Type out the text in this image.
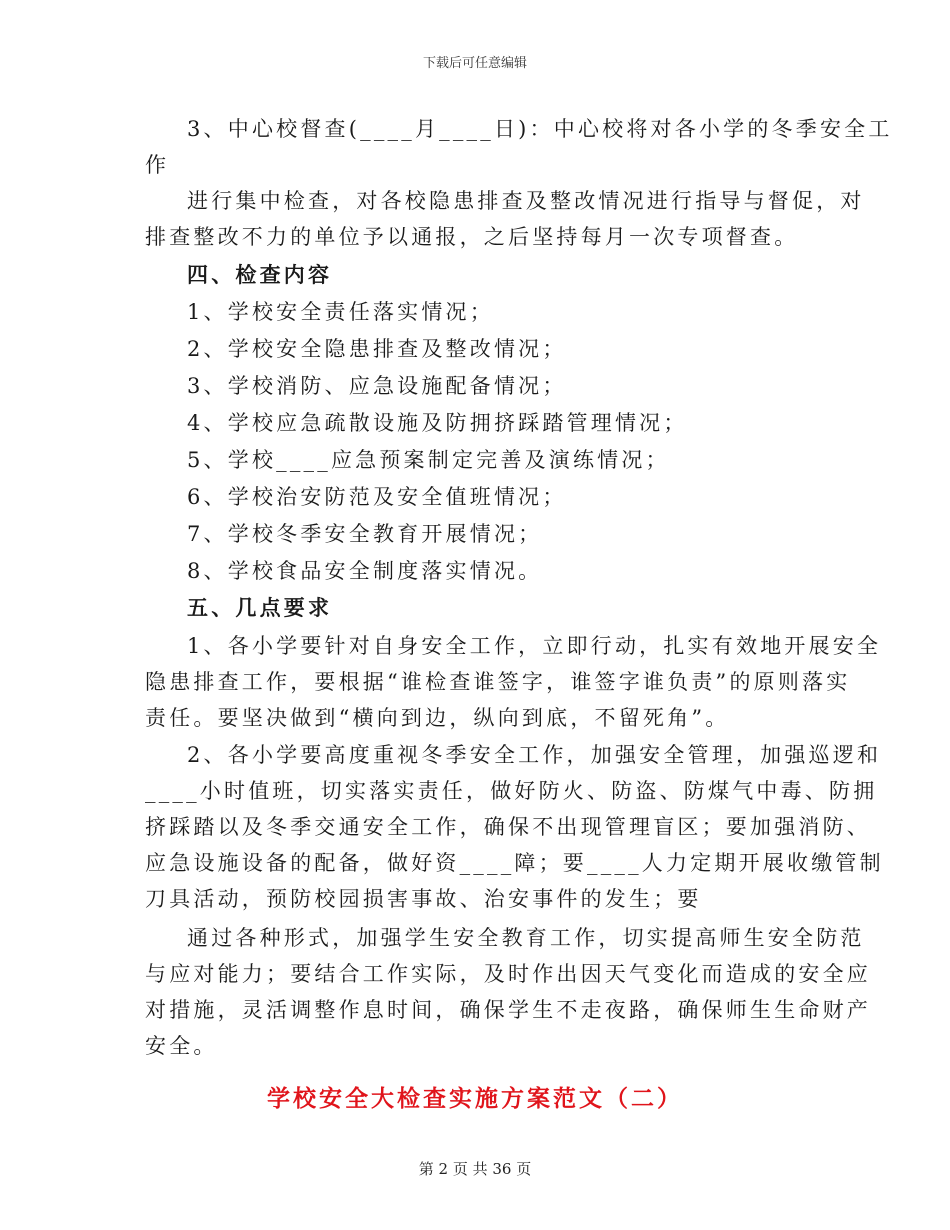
下载后可任意编辑
3、中心校督查(____月____日)：中心校将对各小学的冬季安全工
作
进行集中检查，对各校隐患排查及整改情况进行指导与督促，对
排查整改不力的单位予以通报，之后坚持每月一次专项督查。
四、检查内容
1、学校安全责任落实情况；
2、学校安全隐患排查及整改情况；
3、学校消防、应急设施配备情况；
4、学校应急疏散设施及防拥挤踩踏管理情况；
5、学校____应急预案制定完善及演练情况；
6、学校治安防范及安全值班情况；
7、学校冬季安全教育开展情况；
8、学校食品安全制度落实情况。
五、几点要求
1、各小学要针对自身安全工作，立即行动，扎实有效地开展安全
隐患排查工作，要根据“谁检查谁签字，谁签字谁负责”的原则落实
责任。要坚决做到“横向到边，纵向到底，不留死角”。
2、各小学要高度重视冬季安全工作，加强安全管理，加强巡逻和
____小时值班，切实落实责任，做好防火、防盗、防煤气中毒、防拥
挤踩踏以及冬季交通安全工作，确保不出现管理盲区；要加强消防、
应急设施设备的配备，做好资____障；要____人力定期开展收缴管制
刀具活动，预防校园损害事故、治安事件的发生；要
通过各种形式，加强学生安全教育工作，切实提高师生安全防范
与应对能力；要结合工作实际，及时作出因天气变化而造成的安全应
对措施，灵活调整作息时间，确保学生不走夜路，确保师生生命财产
安全。
学校安全大检查实施方案范文（二）
第 2 页 共 36 页
